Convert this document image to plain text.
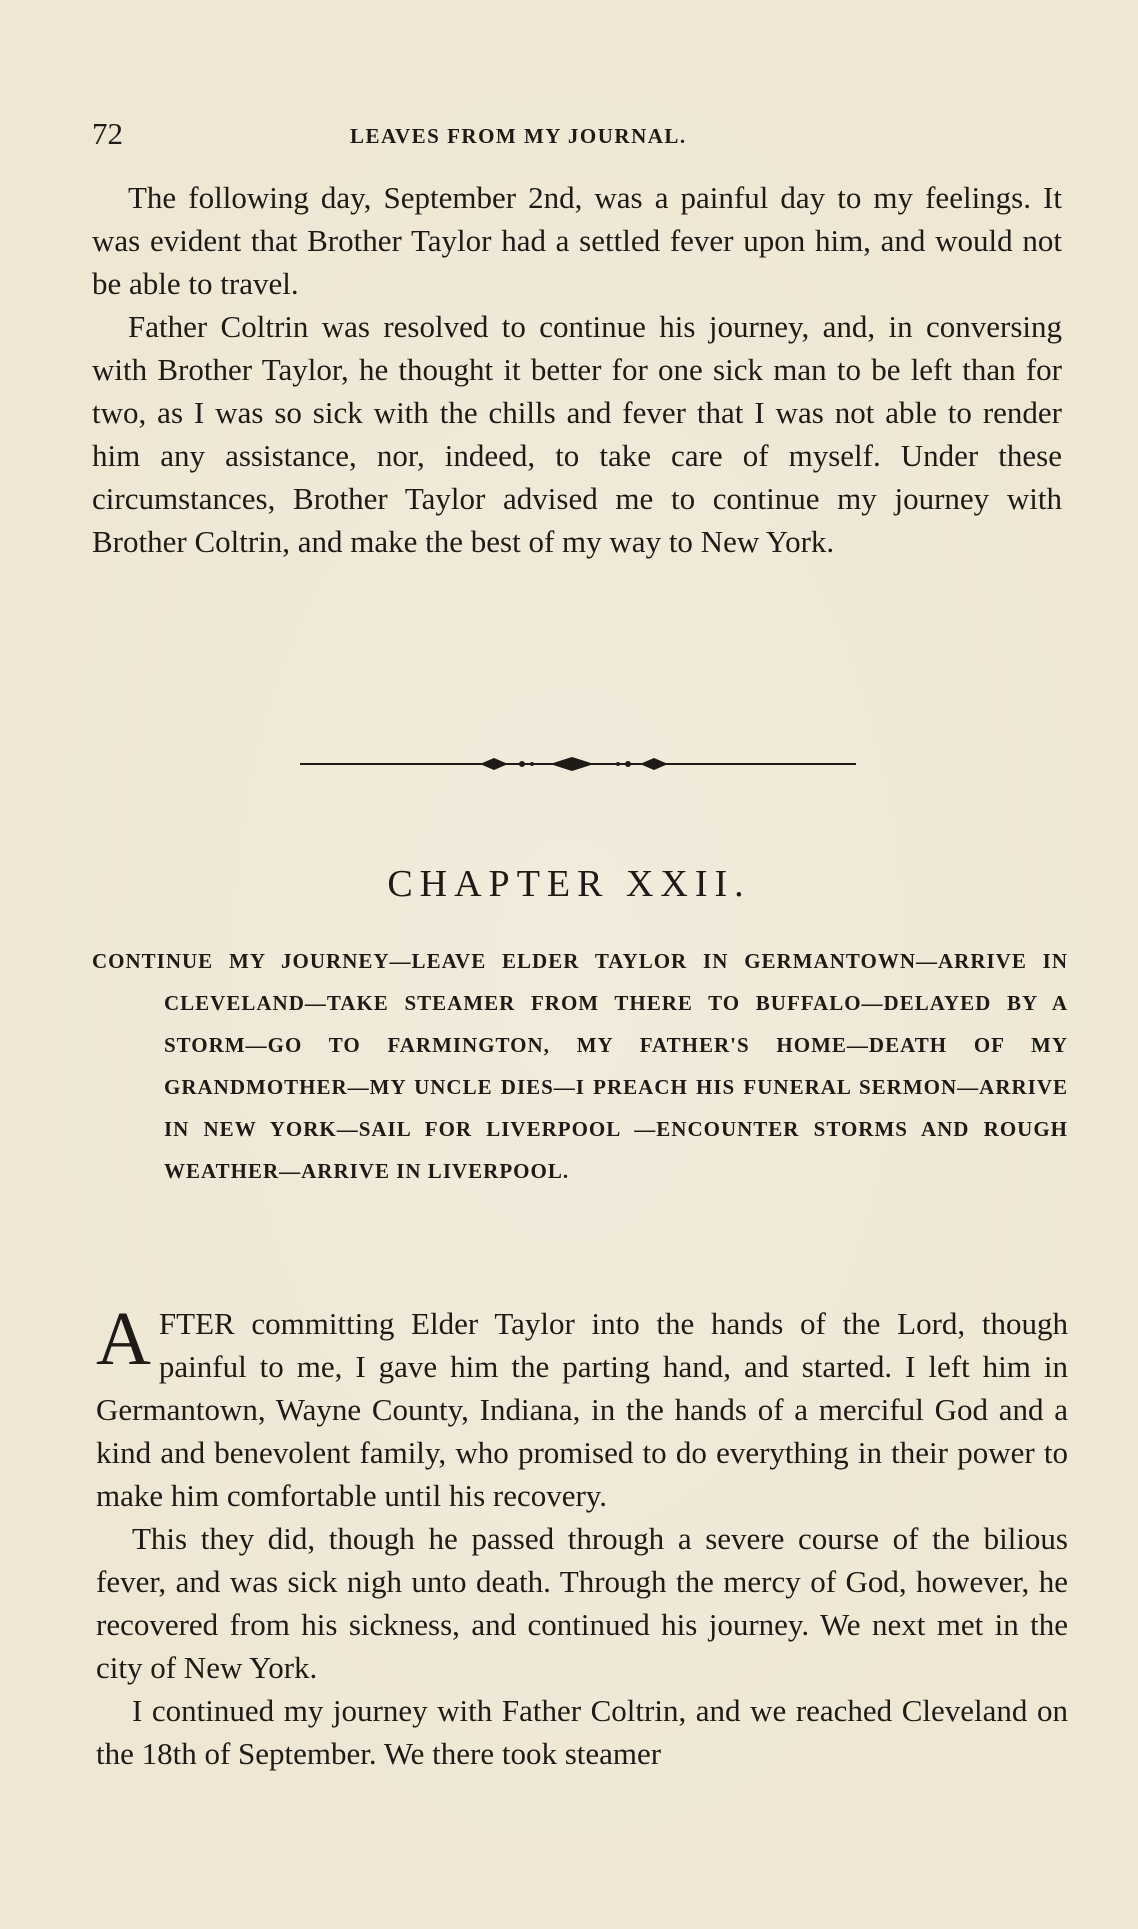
72	LEAVES FROM MY JOURNAL.

The following day, September 2nd, was a painful day to my feelings. It was evident that Brother Taylor had a settled fever upon him, and would not be able to travel.

Father Coltrin was resolved to continue his journey, and, in conversing with Brother Taylor, he thought it better for one sick man to be left than for two, as I was so sick with the chills and fever that I was not able to render him any assistance, nor, indeed, to take care of myself. Under these circumstances, Brother Taylor advised me to continue my journey with Brother Coltrin, and make the best of my way to New York.

CHAPTER XXII.
CONTINUE MY JOURNEY—LEAVE ELDER TAYLOR IN GERMANTOWN—ARRIVE IN CLEVELAND—TAKE STEAMER FROM THERE TO BUFFALO—DELAYED BY A STORM—GO TO FARMINGTON, MY FATHER'S HOME—DEATH OF MY GRANDMOTHER—MY UNCLE DIES—I PREACH HIS FUNERAL SERMON—ARRIVE IN NEW YORK—SAIL FOR LIVERPOOL —ENCOUNTER STORMS AND ROUGH WEATHER—ARRIVE IN LIVERPOOL.

AFTER committing Elder Taylor into the hands of the Lord, though painful to me, I gave him the parting hand, and started. I left him in Germantown, Wayne County, Indiana, in the hands of a merciful God and a kind and benevolent family, who promised to do everything in their power to make him comfortable until his recovery.

This they did, though he passed through a severe course of the bilious fever, and was sick nigh unto death. Through the mercy of God, however, he recovered from his sickness, and continued his journey. We next met in the city of New York.

I continued my journey with Father Coltrin, and we reached Cleveland on the 18th of September. We there took steamer
